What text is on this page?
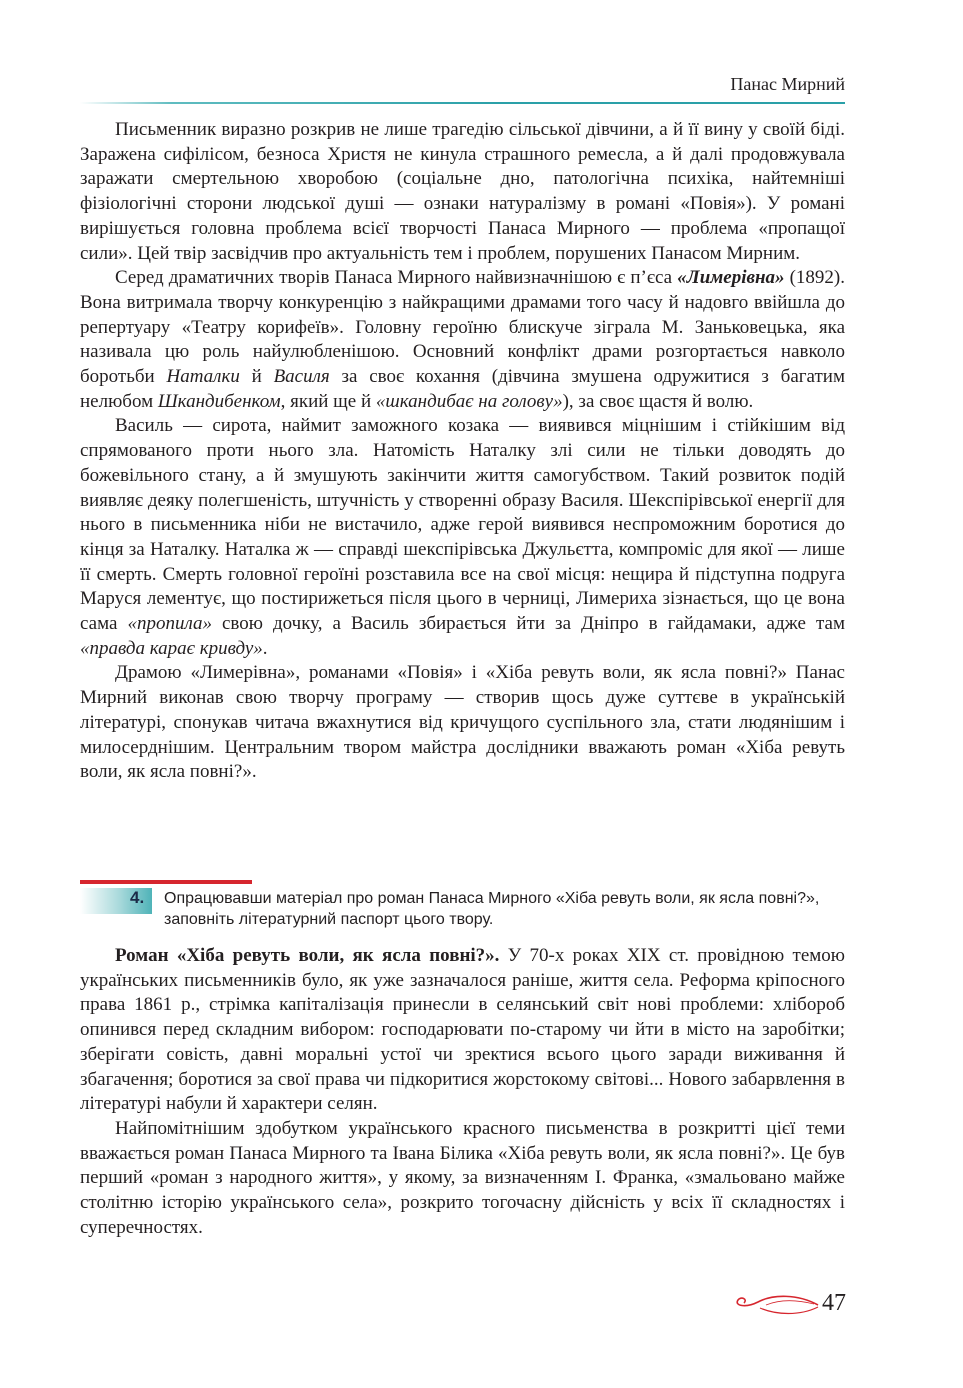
Панас Мирний

Письменник виразно розкрив не лише трагедію сільської дівчини, а й її вину у своїй біді. Заражена сифілісом, безноса Христя не кинула страшного ремесла, а й далі продовжувала заражати смертельною хворобою (соціальне дно, патологічна психіка, найтемніші фізіологічні сторони людської душі — ознаки натуралізму в романі «Повія»). У романі вирішується головна проблема всієї творчості Панаса Мирного — проблема «пропащої сили». Цей твір засвідчив про актуальність тем і проблем, порушених Панасом Мирним.

Серед драматичних творів Панаса Мирного найвизначнішою є п’єса «Лимерівна» (1892). Вона витримала творчу конкуренцію з найкращими драмами того часу й надовго ввійшла до репертуару «Театру корифеїв». Головну героїню блискуче зіграла М. Заньковецька, яка називала цю роль найулюбленішою. Основний конфлікт драми розгортається навколо боротьби Наталки й Василя за своє кохання (дівчина змушена одружитися з багатим нелюбом Шкандибенком, який ще й «шкандибає на голову»), за своє щастя й волю.

Василь — сирота, наймит заможного козака — виявився міцнішим і стійкішим від спрямованого проти нього зла. Натомість Наталку злі сили не тільки доводять до божевільного стану, а й змушують закінчити життя самогубством. Такий розвиток подій виявляє деяку полегшеність, штучність у створенні образу Василя. Шекспірівської енергії для нього в письменника ніби не вистачило, адже герой виявився неспроможним боротися до кінця за Наталку. Наталка ж — справді шекспірівська Джульєтта, компроміс для якої — лише її смерть. Смерть головної героїні розставила все на свої місця: нещира й підступна подруга Маруся лементує, що постирижеться після цього в черниці, Лимериха зізнається, що це вона сама «пропила» свою дочку, а Василь збирається йти за Дніпро в гайдамаки, адже там «правда карає кривду».

Драмою «Лимерівна», романами «Повія» і «Хіба ревуть воли, як ясла повні?» Панас Мирний виконав свою творчу програму — створив щось дуже суттєве в українській літературі, спонукав читача вжахнутися від кричущого суспільного зла, стати людянішим і милосерднішим. Центральним твором майстра дослідники вважають роман «Хіба ревуть воли, як ясла повні?».

4. Опрацювавши матеріал про роман Панаса Мирного «Хіба ревуть воли, як ясла повні?», заповніть літературний паспорт цього твору.

Роман «Хіба ревуть воли, як ясла повні?». У 70-х роках XIX ст. провідною темою українських письменників було, як уже зазначалося раніше, життя села. Реформа кріпосного права 1861 р., стрімка капіталізація принесли в селянський світ нові проблеми: хлібороб опинився перед складним вибором: господарювати по-старому чи йти в місто на заробітки; зберігати совість, давні моральні устої чи зректися всього цього заради виживання й збагачення; боротися за свої права чи підкоритися жорстокому світові... Нового забарвлення в літературі набули й характери селян.

Найпомітнішим здобутком українського красного письменства в розкритті цієї теми вважається роман Панаса Мирного та Івана Білика «Хіба ревуть воли, як ясла повні?». Це був перший «роман з народного життя», у якому, за визначенням І. Франка, «змальовано майже столітню історію українського села», розкрито тогочасну дійсність у всіх її складностях і суперечностях.

47
